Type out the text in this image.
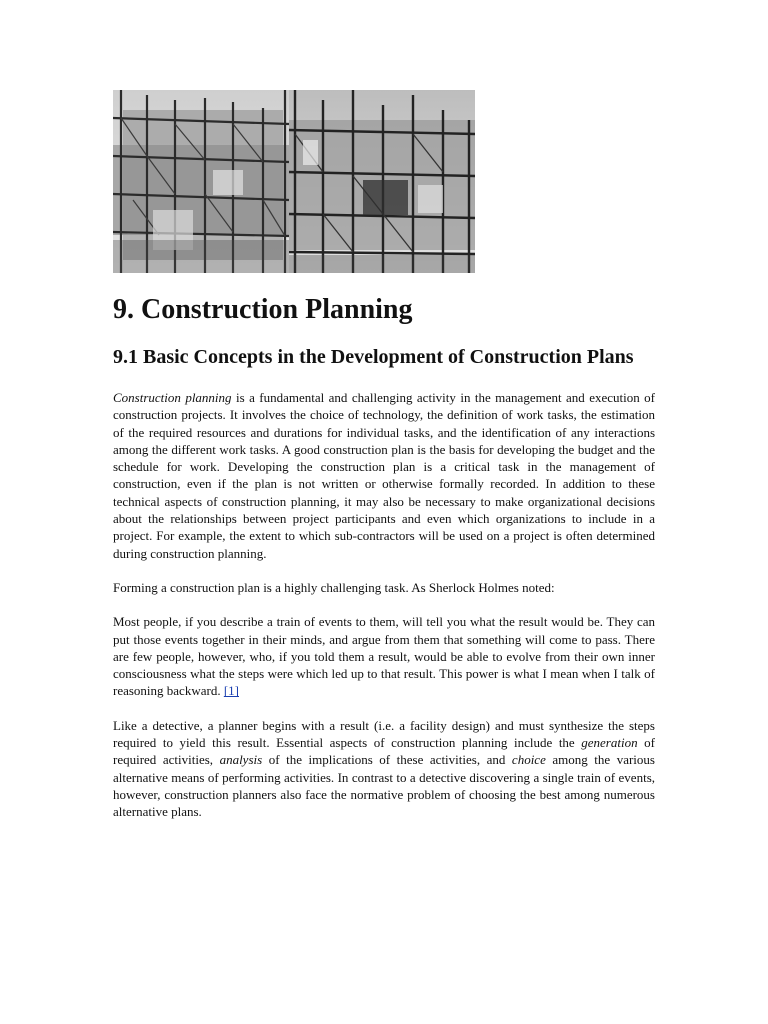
9. Construction Planning
9.1 Basic Concepts in the Development of Construction Plans

Construction planning is a fundamental and challenging activity in the management and execution of construction projects. It involves the choice of technology, the definition of work tasks, the estimation of the required resources and durations for individual tasks, and the identification of any interactions among the different work tasks. A good construction plan is the basis for developing the budget and the schedule for work. Developing the construction plan is a critical task in the management of construction, even if the plan is not written or otherwise formally recorded. In addition to these technical aspects of construction planning, it may also be necessary to make organizational decisions about the relationships between project participants and even which organizations to include in a project. For example, the extent to which sub-contractors will be used on a project is often determined during construction planning.

Forming a construction plan is a highly challenging task. As Sherlock Holmes noted:

Most people, if you describe a train of events to them, will tell you what the result would be. They can put those events together in their minds, and argue from them that something will come to pass. There are few people, however, who, if you told them a result, would be able to evolve from their own inner consciousness what the steps were which led up to that result. This power is what I mean when I talk of reasoning backward. [1]

Like a detective, a planner begins with a result (i.e. a facility design) and must synthesize the steps required to yield this result. Essential aspects of construction planning include the generation of required activities, analysis of the implications of these activities, and choice among the various alternative means of performing activities. In contrast to a detective discovering a single train of events, however, construction planners also face the normative problem of choosing the best among numerous alternative plans.
